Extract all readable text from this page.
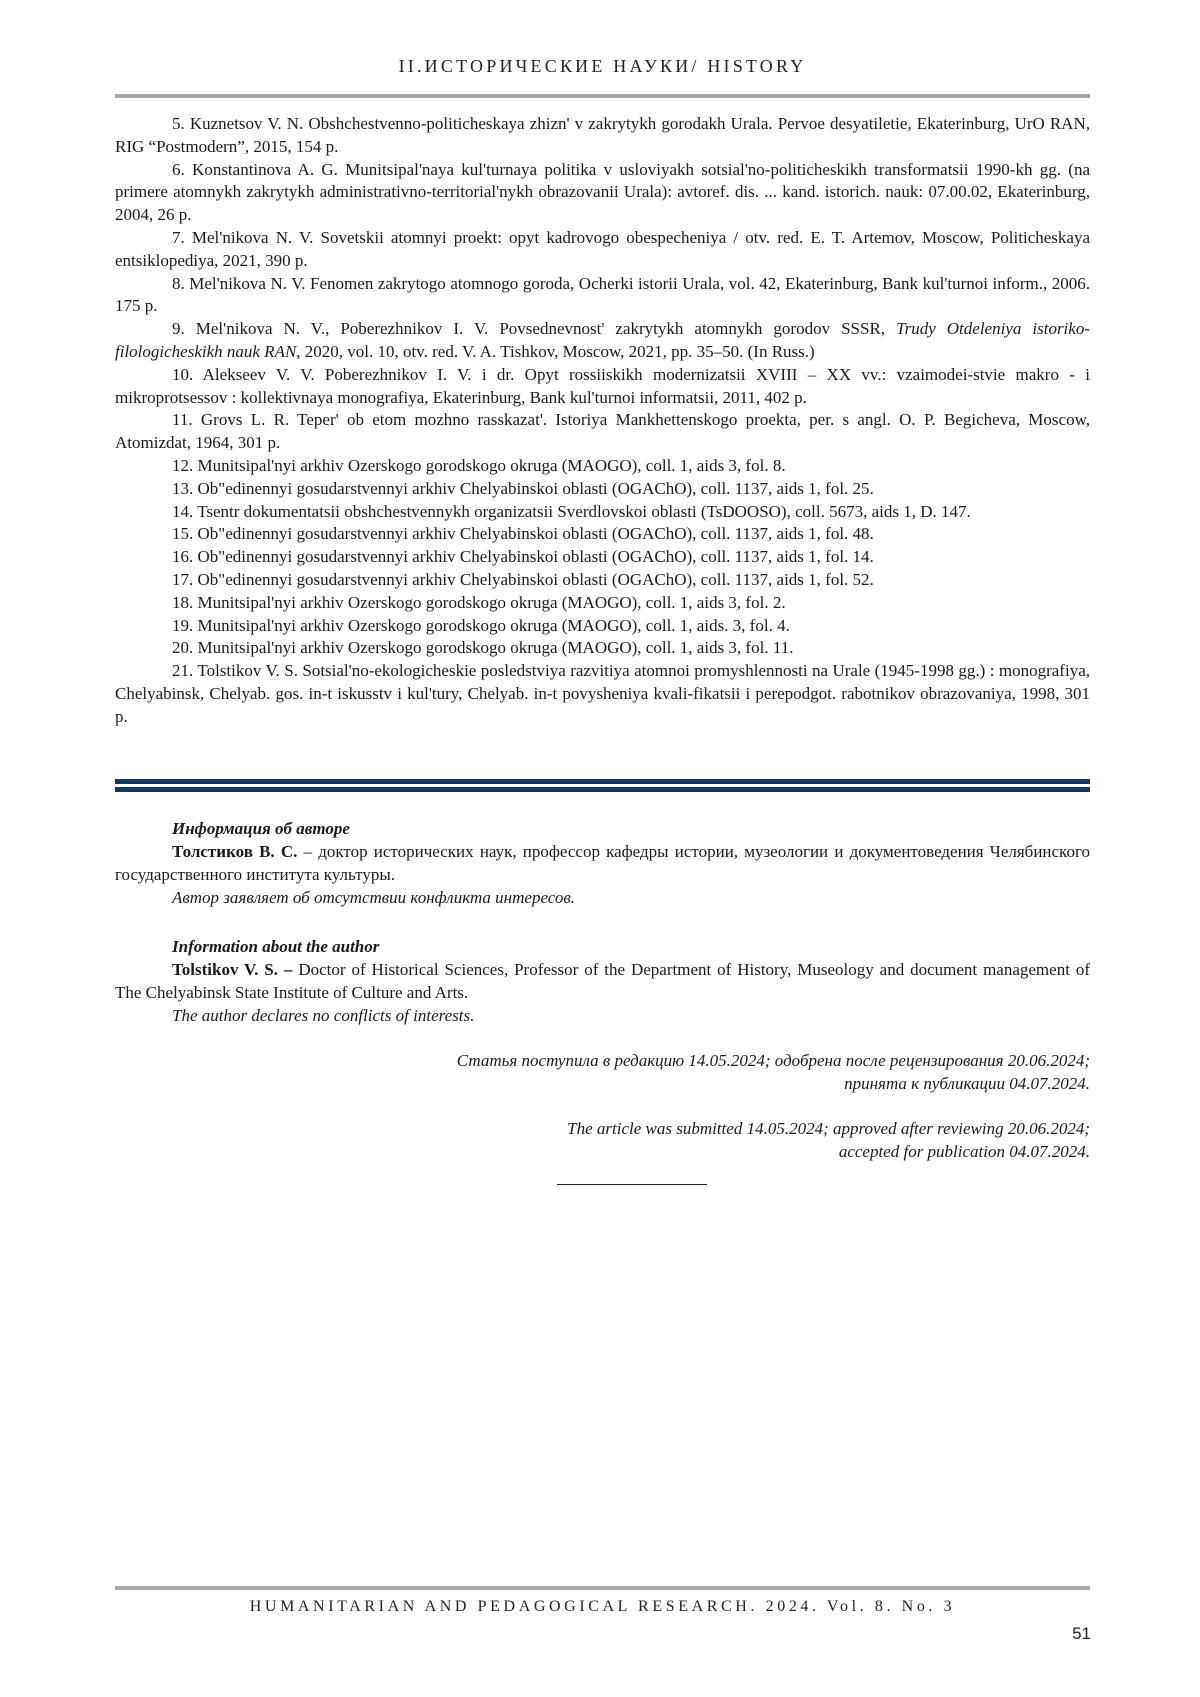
II.ИСТОРИЧЕСКИЕ НАУКИ/ HISTORY

5. Kuznetsov V. N. Obshchestvenno-politicheskaya zhizn' v zakrytykh gorodakh Urala. Pervoe desyatiletie, Ekaterinburg, UrO RAN, RIG “Postmodern”, 2015, 154 p.

6. Konstantinova A. G. Munitsipal'naya kul'turnaya politika v usloviyakh sotsial'no-politicheskikh transformatsii 1990-kh gg. (na primere atomnykh zakrytykh administrativno-territorial'nykh obrazovanii Urala): avtoref. dis. ... kand. istorich. nauk: 07.00.02, Ekaterinburg, 2004, 26 p.

7. Mel'nikova N. V. Sovetskii atomnyi proekt: opyt kadrovogo obespecheniya / otv. red. E. T. Artemov, Moscow, Politicheskaya entsiklopediya, 2021, 390 p.

8. Mel'nikova N. V. Fenomen zakrytogo atomnogo goroda, Ocherki istorii Urala, vol. 42, Ekaterinburg, Bank kul'turnoi inform., 2006. 175 p.

9. Mel'nikova N. V., Poberezhnikov I. V. Povsednevnost' zakrytykh atomnykh gorodov SSSR, Trudy Otdeleniya istoriko-filologicheskikh nauk RAN, 2020, vol. 10, otv. red. V. A. Tishkov, Moscow, 2021, pp. 35–50. (In Russ.)

10. Alekseev V. V. Poberezhnikov I. V. i dr. Opyt rossiiskikh modernizatsii XVIII – XX vv.: vzaimodei-stvie makro - i mikroprotsessov : kollektivnaya monografiya, Ekaterinburg, Bank kul'turnoi informatsii, 2011, 402 p.

11. Grovs L. R. Teper' ob etom mozhno rasskazat'. Istoriya Mankhettenskogo proekta, per. s angl. O. P. Begicheva, Moscow, Atomizdat, 1964, 301 p.

12. Munitsipal'nyi arkhiv Ozerskogo gorodskogo okruga (MAOGO), coll. 1, aids 3, fol. 8.

13. Ob"edinennyi gosudarstvennyi arkhiv Chelyabinskoi oblasti (OGAChO), coll. 1137, aids 1, fol. 25.

14. Tsentr dokumentatsii obshchestvennykh organizatsii Sverdlovskoi oblasti (TsDOOSO), coll. 5673, aids 1, D. 147.

15. Ob"edinennyi gosudarstvennyi arkhiv Chelyabinskoi oblasti (OGAChO), coll. 1137, aids 1, fol. 48.

16. Ob"edinennyi gosudarstvennyi arkhiv Chelyabinskoi oblasti (OGAChO), coll. 1137, aids 1, fol. 14.

17. Ob"edinennyi gosudarstvennyi arkhiv Chelyabinskoi oblasti (OGAChO), coll. 1137, aids 1, fol. 52.

18. Munitsipal'nyi arkhiv Ozerskogo gorodskogo okruga (MAOGO), coll. 1, aids 3, fol. 2.

19. Munitsipal'nyi arkhiv Ozerskogo gorodskogo okruga (MAOGO), coll. 1, aids. 3, fol. 4.

20. Munitsipal'nyi arkhiv Ozerskogo gorodskogo okruga (MAOGO), coll. 1, aids 3, fol. 11.

21. Tolstikov V. S. Sotsial'no-ekologicheskie posledstviya razvitiya atomnoi promyshlennosti na Urale (1945-1998 gg.) : monografiya, Chelyabinsk, Chelyab. gos. in-t iskusstv i kul'tury, Chelyab. in-t povysheniya kvali-fikatsii i perepodgot. rabotnikov obrazovaniya, 1998, 301 p.

Информация об авторе

Толстиков В. С. – доктор исторических наук, профессор кафедры истории, музеологии и документоведения Челябинского государственного института культуры.

Автор заявляет об отсутствии конфликта интересов.

Information about the author

Tolstikov V. S. – Doctor of Historical Sciences, Professor of the Department of History, Museology and document management of The Chelyabinsk State Institute of Culture and Arts.

The author declares no conflicts of interests.

Статья поступила в редакцию 14.05.2024; одобрена после рецензирования 20.06.2024;

принята к публикации 04.07.2024.

The article was submitted 14.05.2024; approved after reviewing 20.06.2024;

accepted for publication 04.07.2024.

HUMANITARIAN AND PEDAGOGICAL RESEARCH. 2024. Vol. 8. No. 3
51
